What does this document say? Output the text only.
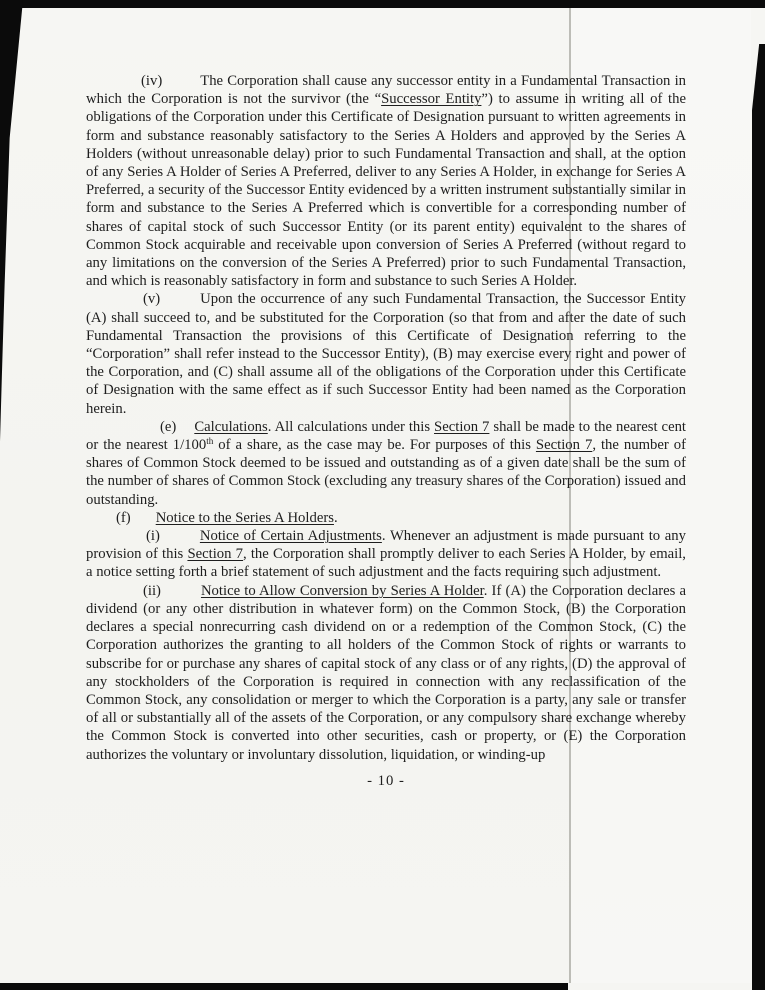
(iv)	The Corporation shall cause any successor entity in a Fundamental Transaction in which the Corporation is not the survivor (the “Successor Entity”) to assume in writing all of the obligations of the Corporation under this Certificate of Designation pursuant to written agreements in form and substance reasonably satisfactory to the Series A Holders and approved by the Series A Holders (without unreasonable delay) prior to such Fundamental Transaction and shall, at the option of any Series A Holder of Series A Preferred, deliver to any Series A Holder, in exchange for Series A Preferred, a security of the Successor Entity evidenced by a written instrument substantially similar in form and substance to the Series A Preferred which is convertible for a corresponding number of shares of capital stock of such Successor Entity (or its parent entity) equivalent to the shares of Common Stock acquirable and receivable upon conversion of Series A Preferred (without regard to any limitations on the conversion of the Series A Preferred) prior to such Fundamental Transaction, and which is reasonably satisfactory in form and substance to such Series A Holder.

(v)	Upon the occurrence of any such Fundamental Transaction, the Successor Entity (A) shall succeed to, and be substituted for the Corporation (so that from and after the date of such Fundamental Transaction the provisions of this Certificate of Designation referring to the “Corporation” shall refer instead to the Successor Entity), (B) may exercise every right and power of the Corporation, and (C) shall assume all of the obligations of the Corporation under this Certificate of Designation with the same effect as if such Successor Entity had been named as the Corporation herein.

(e) Calculations. All calculations under this Section 7 shall be made to the nearest cent or the nearest 1/100th of a share, as the case may be. For purposes of this Section 7, the number of shares of Common Stock deemed to be issued and outstanding as of a given date shall be the sum of the number of shares of Common Stock (excluding any treasury shares of the Corporation) issued and outstanding.

(f) Notice to the Series A Holders.

(i)	Notice of Certain Adjustments. Whenever an adjustment is made pursuant to any provision of this Section 7, the Corporation shall promptly deliver to each Series A Holder, by email, a notice setting forth a brief statement of such adjustment and the facts requiring such adjustment.

(ii)	Notice to Allow Conversion by Series A Holder. If (A) the Corporation declares a dividend (or any other distribution in whatever form) on the Common Stock, (B) the Corporation declares a special nonrecurring cash dividend on or a redemption of the Common Stock, (C) the Corporation authorizes the granting to all holders of the Common Stock of rights or warrants to subscribe for or purchase any shares of capital stock of any class or of any rights, (D) the approval of any stockholders of the Corporation is required in connection with any reclassification of the Common Stock, any consolidation or merger to which the Corporation is a party, any sale or transfer of all or substantially all of the assets of the Corporation, or any compulsory share exchange whereby the Common Stock is converted into other securities, cash or property, or (E) the Corporation authorizes the voluntary or involuntary dissolution, liquidation, or winding-up

- 10 -
